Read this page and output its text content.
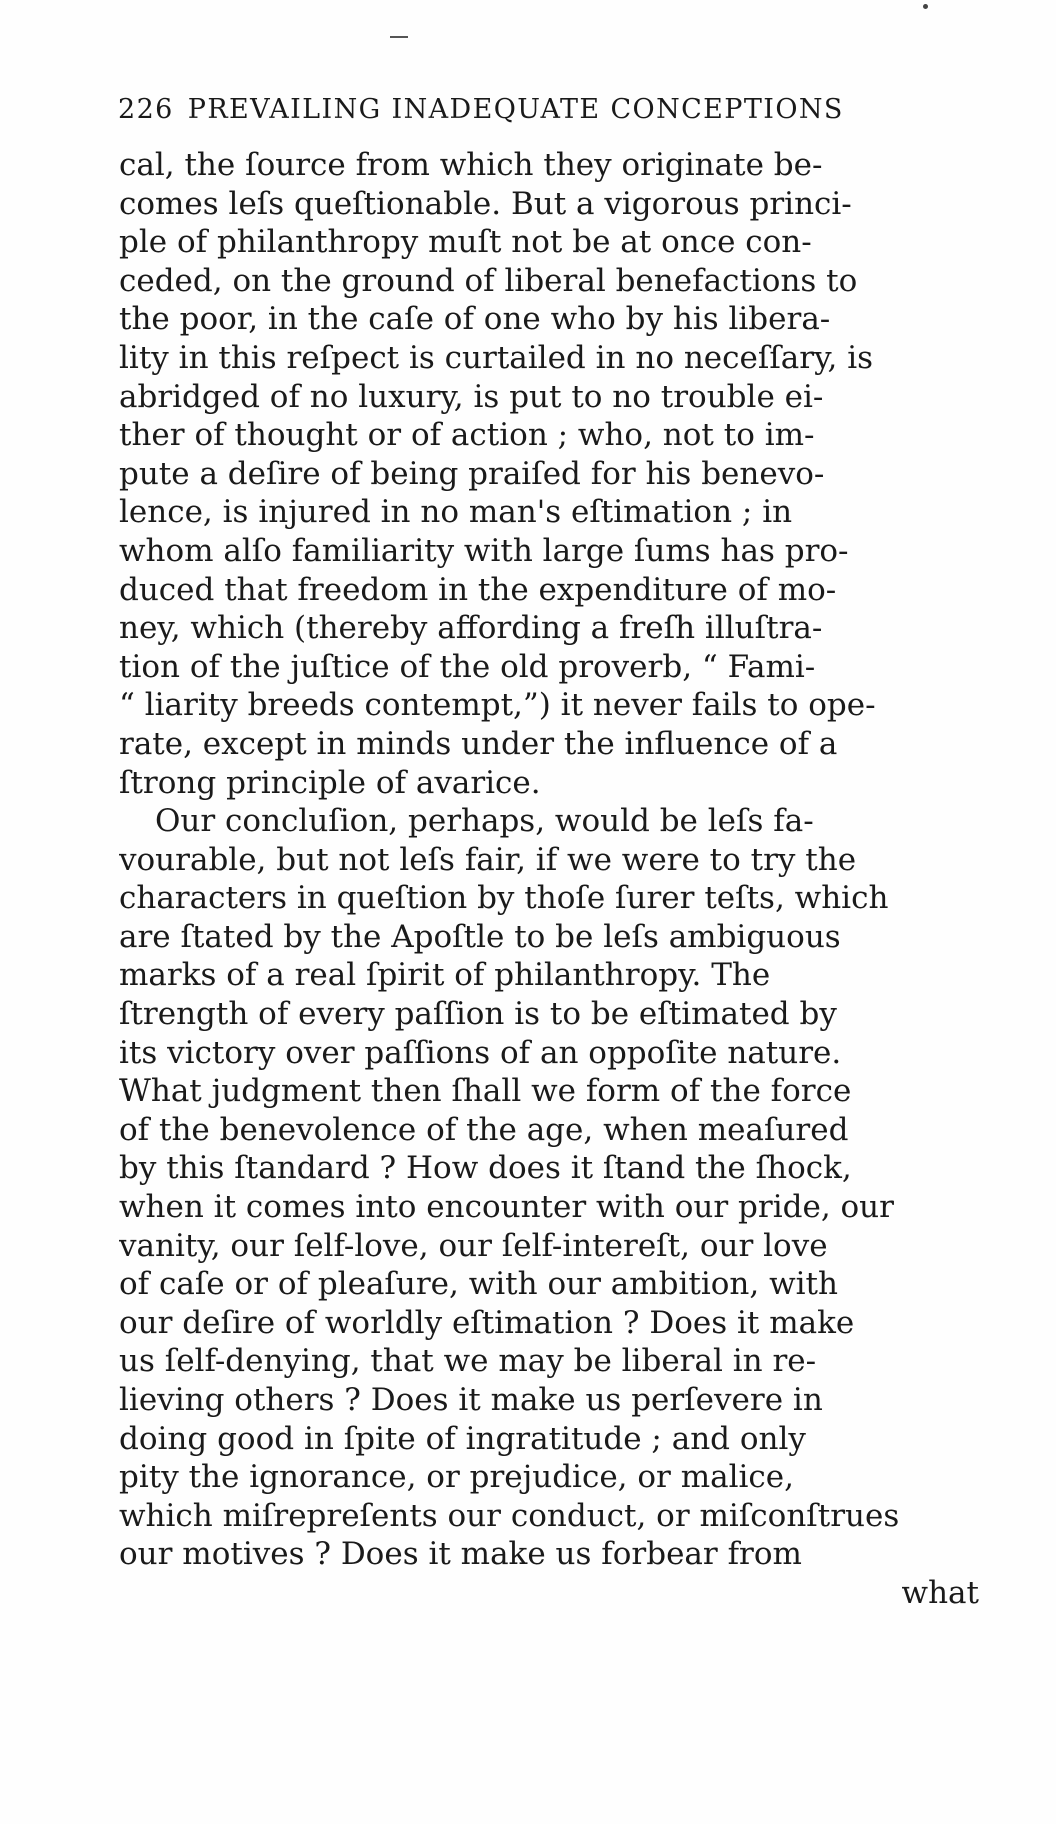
226 PREVAILING INADEQUATE CONCEPTIONS
cal, the ſource from which they originate be-
comes leſs queſtionable. But a vigorous princi-
ple of philanthropy muſt not be at once con-
ceded, on the ground of liberal benefactions to
the poor, in the caſe of one who by his libera-
lity in this reſpect is curtailed in no neceſſary, is
abridged of no luxury, is put to no trouble ei-
ther of thought or of action ; who, not to im-
pute a deſire of being praiſed for his benevo-
lence, is injured in no man's eſtimation ; in
whom alſo familiarity with large ſums has pro-
duced that freedom in the expenditure of mo-
ney, which (thereby affording a freſh illuſtra-
tion of the juſtice of the old proverb, “ Fami-
“ liarity breeds contempt,”) it never fails to ope-
rate, except in minds under the influence of a
ſtrong principle of avarice.
Our concluſion, perhaps, would be leſs fa-
vourable, but not leſs fair, if we were to try the
characters in queſtion by thoſe ſurer teſts, which
are ſtated by the Apoſtle to be leſs ambiguous
marks of a real ſpirit of philanthropy. The
ſtrength of every paſſion is to be eſtimated by
its victory over paſſions of an oppoſite nature.
What judgment then ſhall we form of the force
of the benevolence of the age, when meaſured
by this ſtandard ? How does it ſtand the ſhock,
when it comes into encounter with our pride, our
vanity, our ſelf-love, our ſelf-intereſt, our love
of caſe or of pleaſure, with our ambition, with
our deſire of worldly eſtimation ? Does it make
us ſelf-denying, that we may be liberal in re-
lieving others ? Does it make us perſevere in
doing good in ſpite of ingratitude ; and only
pity the ignorance, or prejudice, or malice,
which miſrepreſents our conduct, or miſconſtrues
our motives ? Does it make us forbear from
what
